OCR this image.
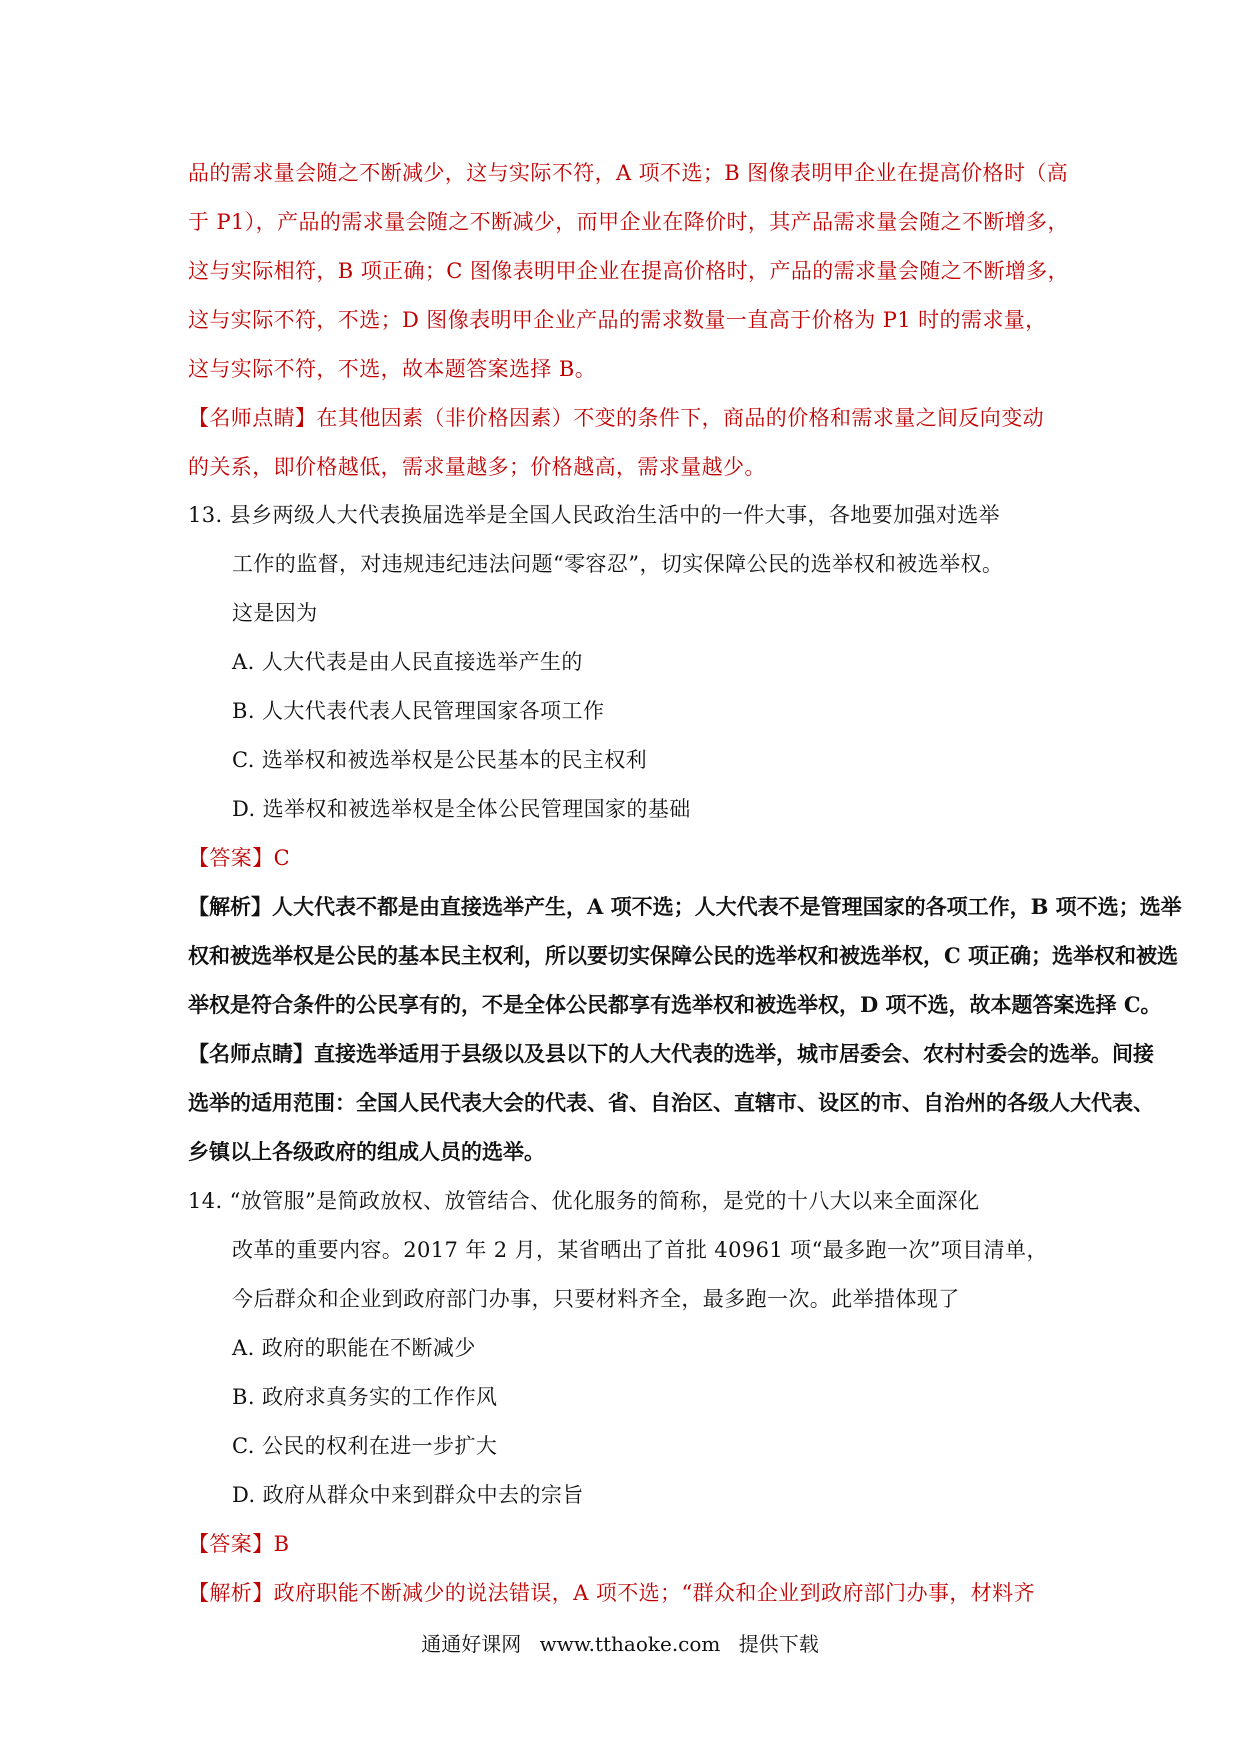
品的需求量会随之不断减少，这与实际不符，A 项不选；B 图像表明甲企业在提高价格时（高
于 P1），产品的需求量会随之不断减少，而甲企业在降价时，其产品需求量会随之不断增多，
这与实际相符，B 项正确；C 图像表明甲企业在提高价格时，产品的需求量会随之不断增多，
这与实际不符，不选；D 图像表明甲企业产品的需求数量一直高于价格为 P1 时的需求量，
这与实际不符，不选，故本题答案选择 B。
【名师点睛】在其他因素（非价格因素）不变的条件下，商品的价格和需求量之间反向变动
的关系，即价格越低，需求量越多；价格越高，需求量越少。
13. 县乡两级人大代表换届选举是全国人民政治生活中的一件大事，各地要加强对选举
工作的监督，对违规违纪违法问题“零容忍”，切实保障公民的选举权和被选举权。
这是因为
A. 人大代表是由人民直接选举产生的
B. 人大代表代表人民管理国家各项工作
C. 选举权和被选举权是公民基本的民主权利
D. 选举权和被选举权是全体公民管理国家的基础
【答案】C
【解析】人大代表不都是由直接选举产生，A 项不选；人大代表不是管理国家的各项工作，B 项不选；选举
权和被选举权是公民的基本民主权利，所以要切实保障公民的选举权和被选举权，C 项正确；选举权和被选
举权是符合条件的公民享有的，不是全体公民都享有选举权和被选举权，D 项不选，故本题答案选择 C。
【名师点睛】直接选举适用于县级以及县以下的人大代表的选举，城市居委会、农村村委会的选举。间接
选举的适用范围：全国人民代表大会的代表、省、自治区、直辖市、设区的市、自治州的各级人大代表、
乡镇以上各级政府的组成人员的选举。
14. “放管服”是简政放权、放管结合、优化服务的简称，是党的十八大以来全面深化
改革的重要内容。2017 年 2 月，某省晒出了首批 40961 项“最多跑一次”项目清单，
今后群众和企业到政府部门办事，只要材料齐全，最多跑一次。此举措体现了
A. 政府的职能在不断减少
B. 政府求真务实的工作作风
C. 公民的权利在进一步扩大
D. 政府从群众中来到群众中去的宗旨
【答案】B
【解析】政府职能不断减少的说法错误，A 项不选；“群众和企业到政府部门办事，材料齐
通通好课网 www.tthaoke.com 提供下载
